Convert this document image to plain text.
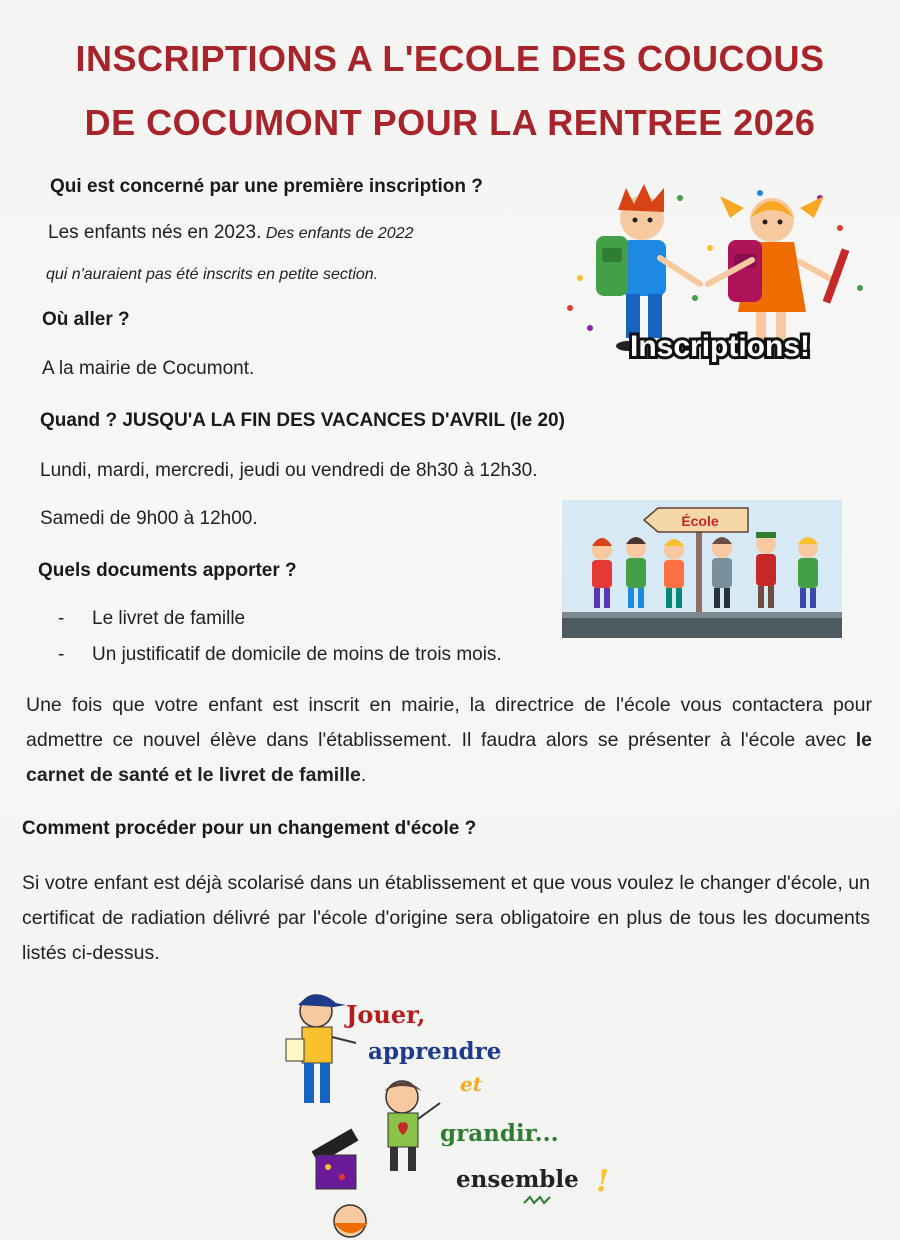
INSCRIPTIONS A L'ECOLE DES COUCOUS
DE COCUMONT POUR LA RENTREE 2026

Qui est concerné par une première inscription ?

Les enfants nés en 2023. Des enfants de 2022

qui n'auraient pas été inscrits en petite section.

Où aller ?

A la mairie de Cocumont.

Quand ? JUSQU'A LA FIN DES VACANCES D'AVRIL (le 20)

Lundi, mardi, mercredi, jeudi ou vendredi de 8h30 à 12h30.

Samedi de 9h00 à 12h00.

Quels documents apporter ?

- Le livret de famille

- Un justificatif de domicile de moins de trois mois.

Une fois que votre enfant est inscrit en mairie, la directrice de l'école vous contactera pour admettre ce nouvel élève dans l'établissement. Il faudra alors se présenter à l'école avec le carnet de santé et le livret de famille.

Comment procéder pour un changement d'école ?

Si votre enfant est déjà scolarisé dans un établissement et que vous voulez le changer d'école, un certificat de radiation délivré par l'école d'origine sera obligatoire en plus de tous les documents listés ci-dessus.

Inscriptions!
École
Jouer,
apprendre
et
grandir...
ensemble !
